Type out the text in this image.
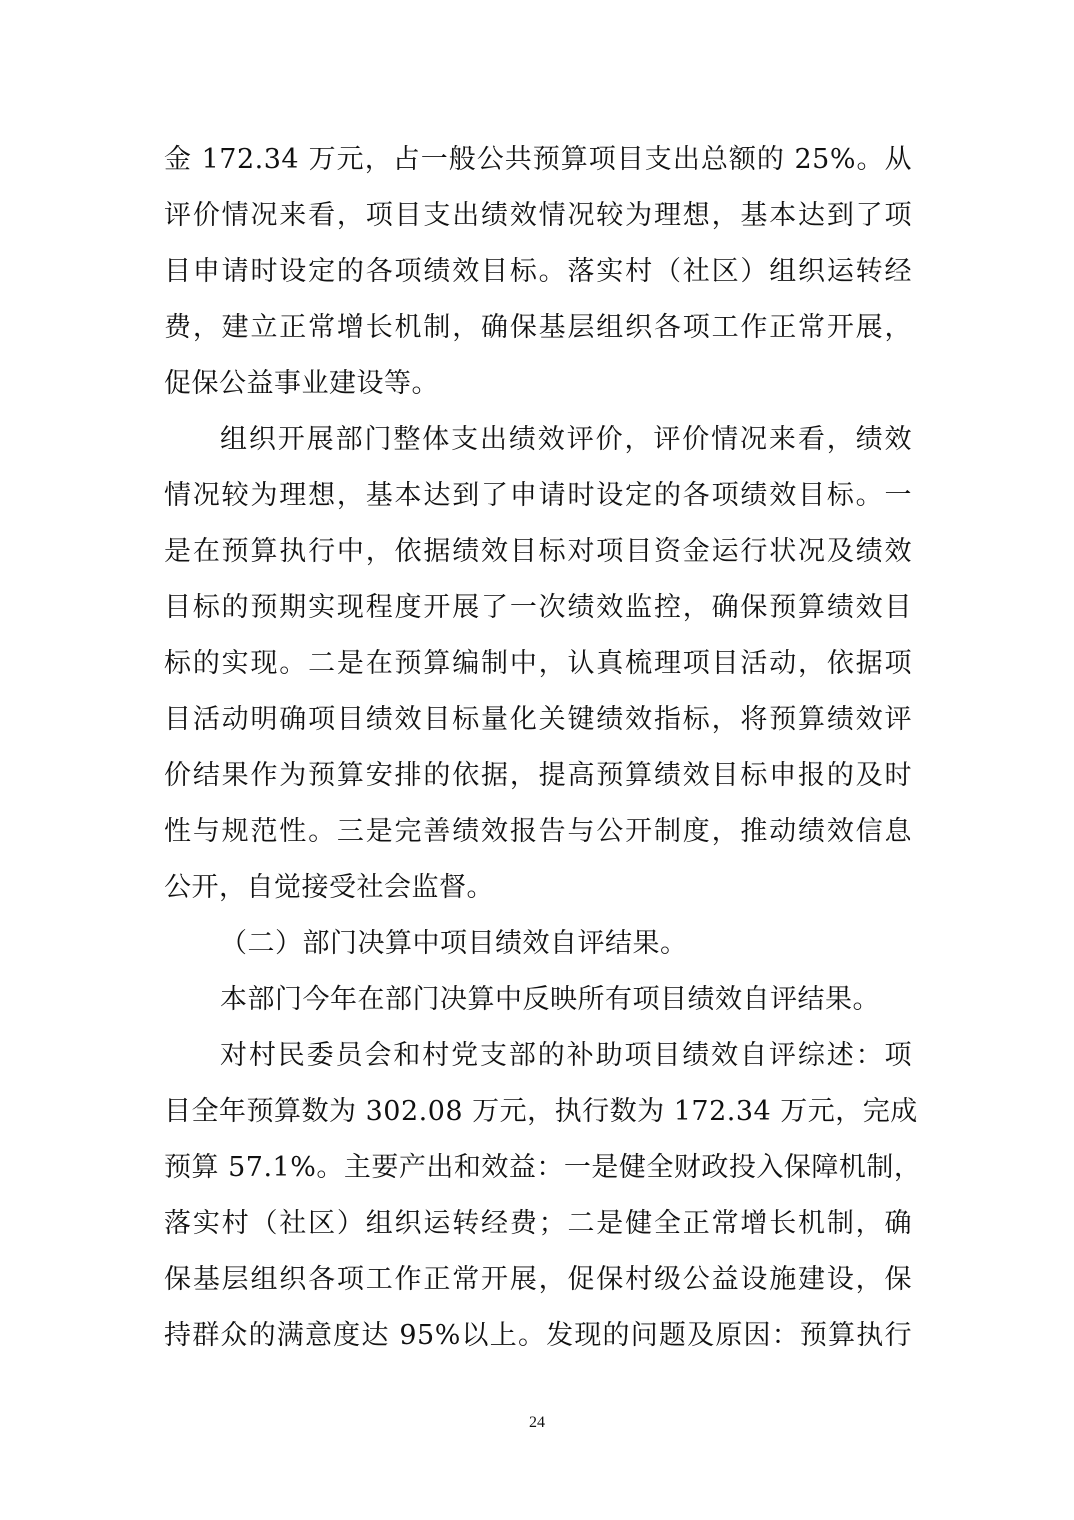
金 172.34 万元，占一般公共预算项目支出总额的 25%。从

评价情况来看，项目支出绩效情况较为理想，基本达到了项

目申请时设定的各项绩效目标。落实村（社区）组织运转经

费，建立正常增长机制，确保基层组织各项工作正常开展，

促保公益事业建设等。

组织开展部门整体支出绩效评价，评价情况来看，绩效

情况较为理想，基本达到了申请时设定的各项绩效目标。一

是在预算执行中，依据绩效目标对项目资金运行状况及绩效

目标的预期实现程度开展了一次绩效监控，确保预算绩效目

标的实现。二是在预算编制中，认真梳理项目活动，依据项

目活动明确项目绩效目标量化关键绩效指标，将预算绩效评

价结果作为预算安排的依据，提高预算绩效目标申报的及时

性与规范性。三是完善绩效报告与公开制度，推动绩效信息

公开，自觉接受社会监督。

（二）部门决算中项目绩效自评结果。

本部门今年在部门决算中反映所有项目绩效自评结果。

对村民委员会和村党支部的补助项目绩效自评综述：项

目全年预算数为 302.08 万元，执行数为 172.34 万元，完成

预算 57.1%。主要产出和效益：一是健全财政投入保障机制，

落实村（社区）组织运转经费；二是健全正常增长机制，确

保基层组织各项工作正常开展，促保村级公益设施建设，保

持群众的满意度达 95%以上。发现的问题及原因：预算执行

24
